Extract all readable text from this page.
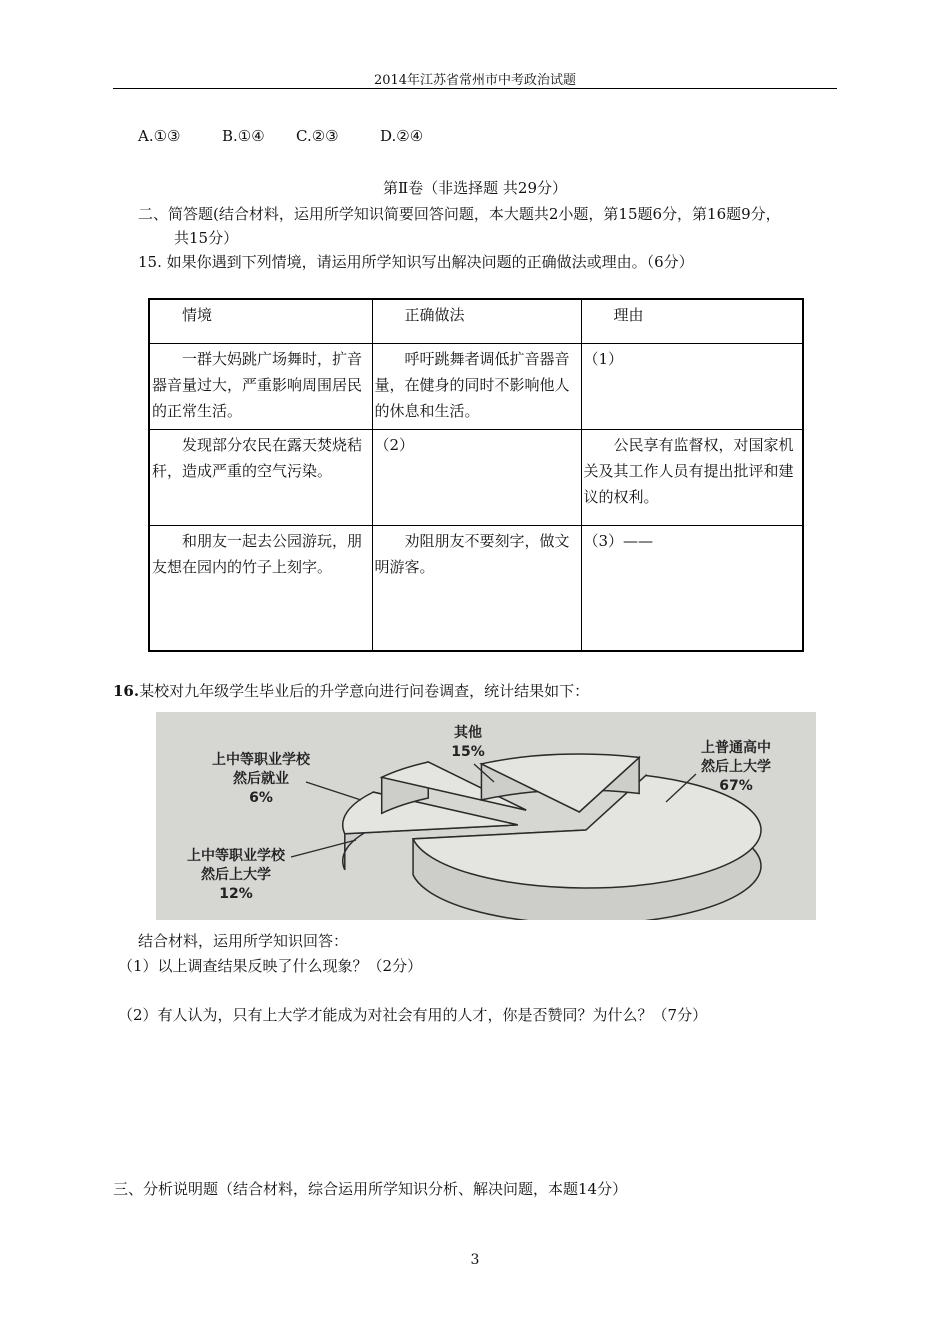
2014年江苏省常州市中考政治试题
A.①③	B.①④ C.②③	D.②④
第Ⅱ卷（非选择题 共29分）
二、简答题(结合材料，运用所学知识简要回答问题，本大题共2小题，第15题6分，第16题9分，
共15分）
15. 如果你遇到下列情境，请运用所学知识写出解决问题的正确做法或理由。（6分）
情境	正确做法	理由
一群大妈跳广场舞时，扩音器音量过大，严重影响周围居民的正常生活。	呼吁跳舞者调低扩音器音量，在健身的同时不影响他人的休息和生活。	（1）
发现部分农民在露天焚烧秸秆，造成严重的空气污染。	（2）	公民享有监督权，对国家机关及其工作人员有提出批评和建议的权利。
和朋友一起去公园游玩，朋友想在园内的竹子上刻字。	劝阻朋友不要刻字，做文明游客。	（3）——
16.某校对九年级学生毕业后的升学意向进行问卷调查，统计结果如下：
上普通高中
然后上大学
67%
上中等职业学校
然后上大学
12%
上中等职业学校
然后就业
6%
其他
15%
结合材料，运用所学知识回答：
（1）以上调查结果反映了什么现象？（2分）
（2）有人认为，只有上大学才能成为对社会有用的人才，你是否赞同？为什么？（7分）
三、分析说明题（结合材料，综合运用所学知识分析、解决问题，本题14分）
3
